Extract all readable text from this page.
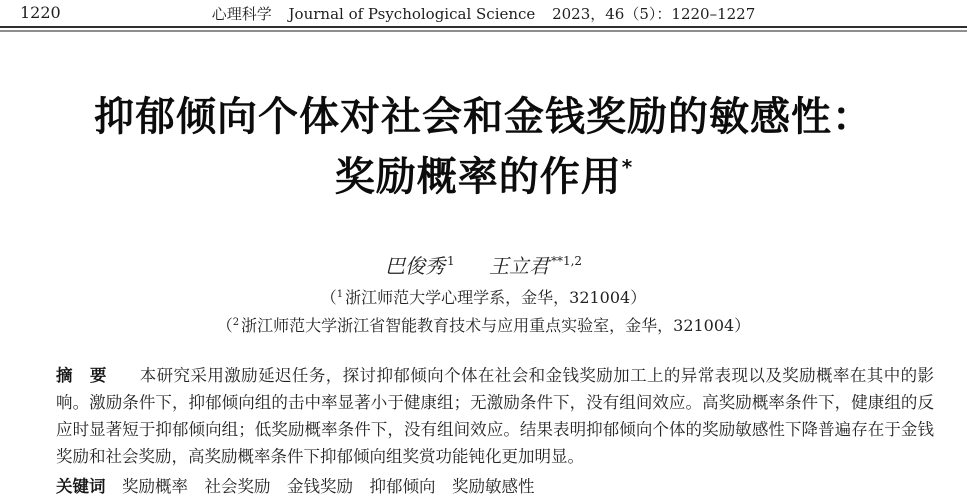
1220	心理科学 Journal of Psychological Science 2023，46（5）：1220–1227
抑郁倾向个体对社会和金钱奖励的敏感性：
奖励概率的作用*
巴俊秀 $^1$ 王立君 $^{**1,2}$
（$^1$ 浙江师范大学心理学系，金华，321004）
（$^2$ 浙江师范大学浙江省智能教育技术与应用重点实验室，金华，321004）

摘　要 本研究采用激励延迟任务，探讨抑郁倾向个体在社会和金钱奖励加工上的异常表现以及奖励概率在其中的影响。激励条件下，抑郁倾向组的击中率显著小于健康组；无激励条件下，没有组间效应。高奖励概率条件下，健康组的反应时显著短于抑郁倾向组；低奖励概率条件下，没有组间效应。结果表明抑郁倾向个体的奖励敏感性下降普遍存在于金钱奖励和社会奖励，高奖励概率条件下抑郁倾向组奖赏功能钝化更加明显。

关键词 奖励概率 社会奖励 金钱奖励 抑郁倾向 奖励敏感性
